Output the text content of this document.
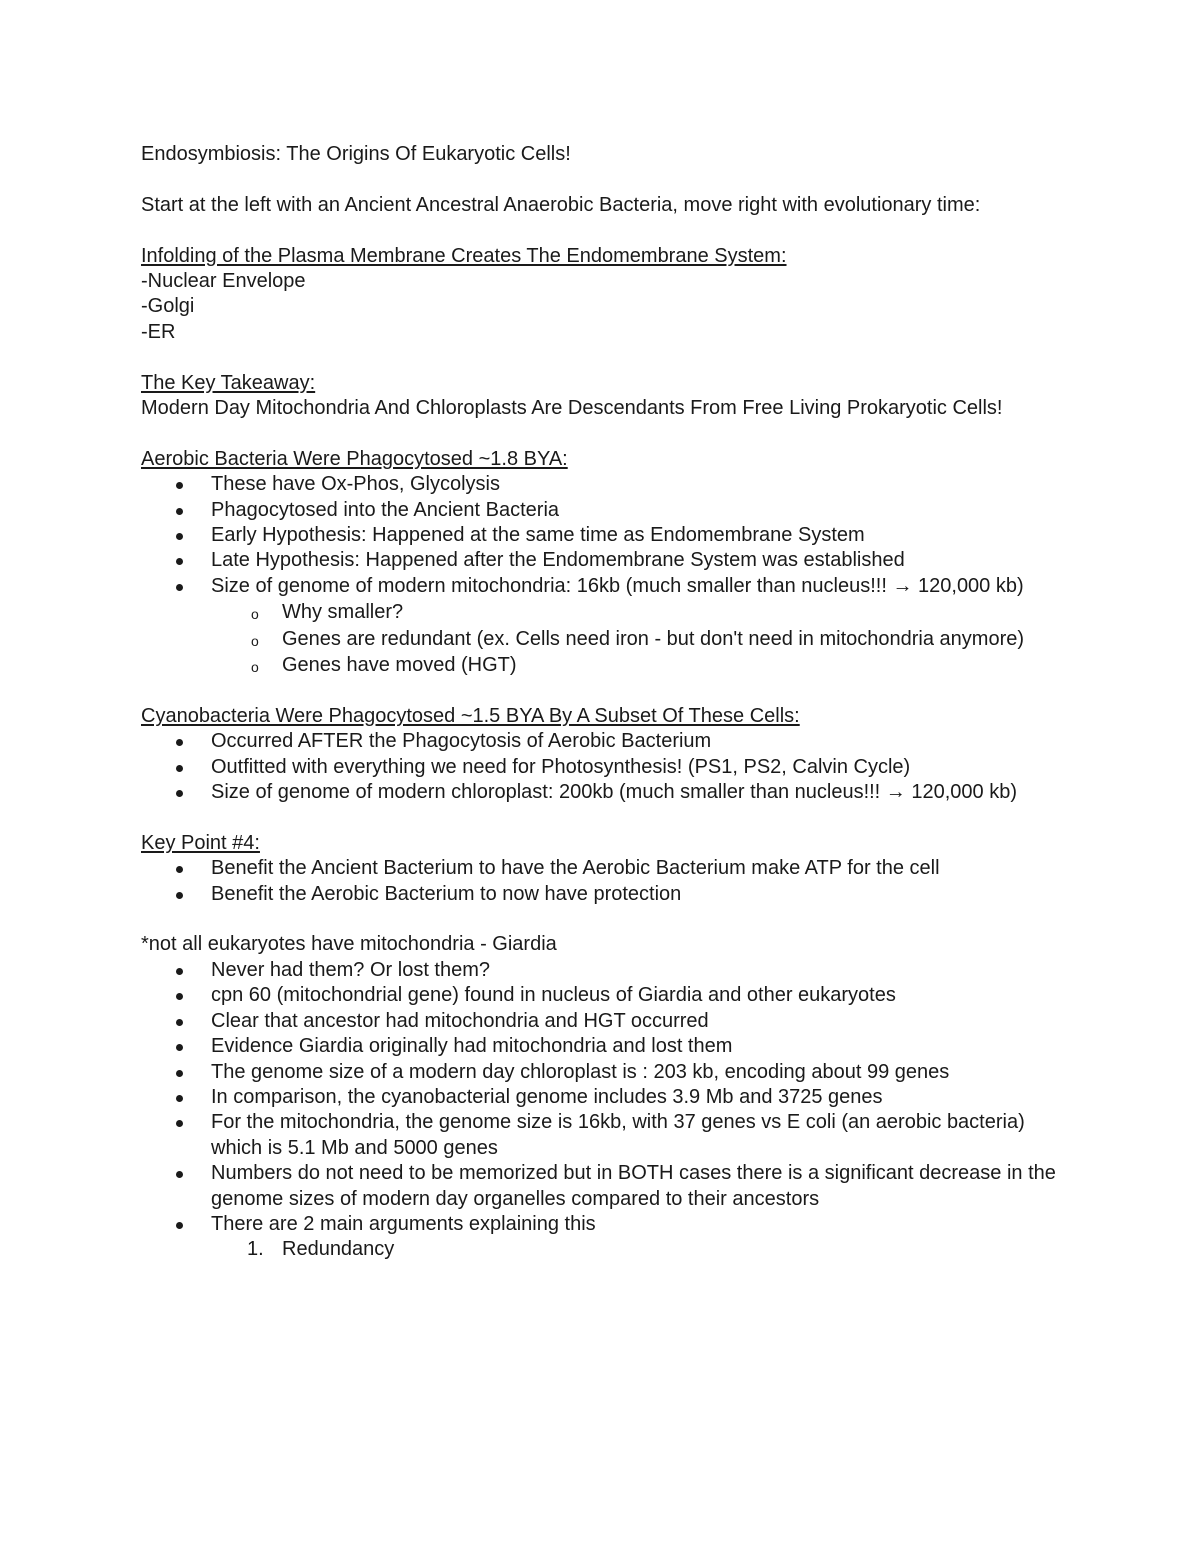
Endosymbiosis: The Origins Of Eukaryotic Cells!

Start at the left with an Ancient Ancestral Anaerobic Bacteria, move right with evolutionary time:

Infolding of the Plasma Membrane Creates The Endomembrane System:

-Nuclear Envelope

-Golgi

-ER

The Key Takeaway:

Modern Day Mitochondria And Chloroplasts Are Descendants From Free Living Prokaryotic Cells!

Aerobic Bacteria Were Phagocytosed ~1.8 BYA:

These have Ox-Phos, Glycolysis
Phagocytosed into the Ancient Bacteria
Early Hypothesis: Happened at the same time as Endomembrane System
Late Hypothesis: Happened after the Endomembrane System was established
Size of genome of modern mitochondria: 16kb (much smaller than nucleus!!! → 120,000 kb)
o Why smaller?
o Genes are redundant (ex. Cells need iron - but don't need in mitochondria anymore)
o Genes have moved (HGT)

Cyanobacteria Were Phagocytosed ~1.5 BYA By A Subset Of These Cells:

Occurred AFTER the Phagocytosis of Aerobic Bacterium
Outfitted with everything we need for Photosynthesis! (PS1, PS2, Calvin Cycle)
Size of genome of modern chloroplast: 200kb (much smaller than nucleus!!! → 120,000 kb)

Key Point #4:

Benefit the Ancient Bacterium to have the Aerobic Bacterium make ATP for the cell
Benefit the Aerobic Bacterium to now have protection

*not all eukaryotes have mitochondria - Giardia

Never had them? Or lost them?
cpn 60 (mitochondrial gene) found in nucleus of Giardia and other eukaryotes
Clear that ancestor had mitochondria and HGT occurred
Evidence Giardia originally had mitochondria and lost them
The genome size of a modern day chloroplast is : 203 kb, encoding about 99 genes
In comparison, the cyanobacterial genome includes 3.9 Mb and 3725 genes
For the mitochondria, the genome size is 16kb, with 37 genes vs E coli (an aerobic bacteria) which is 5.1 Mb and 5000 genes
Numbers do not need to be memorized but in BOTH cases there is a significant decrease in the genome sizes of modern day organelles compared to their ancestors
There are 2 main arguments explaining this
1. Redundancy
